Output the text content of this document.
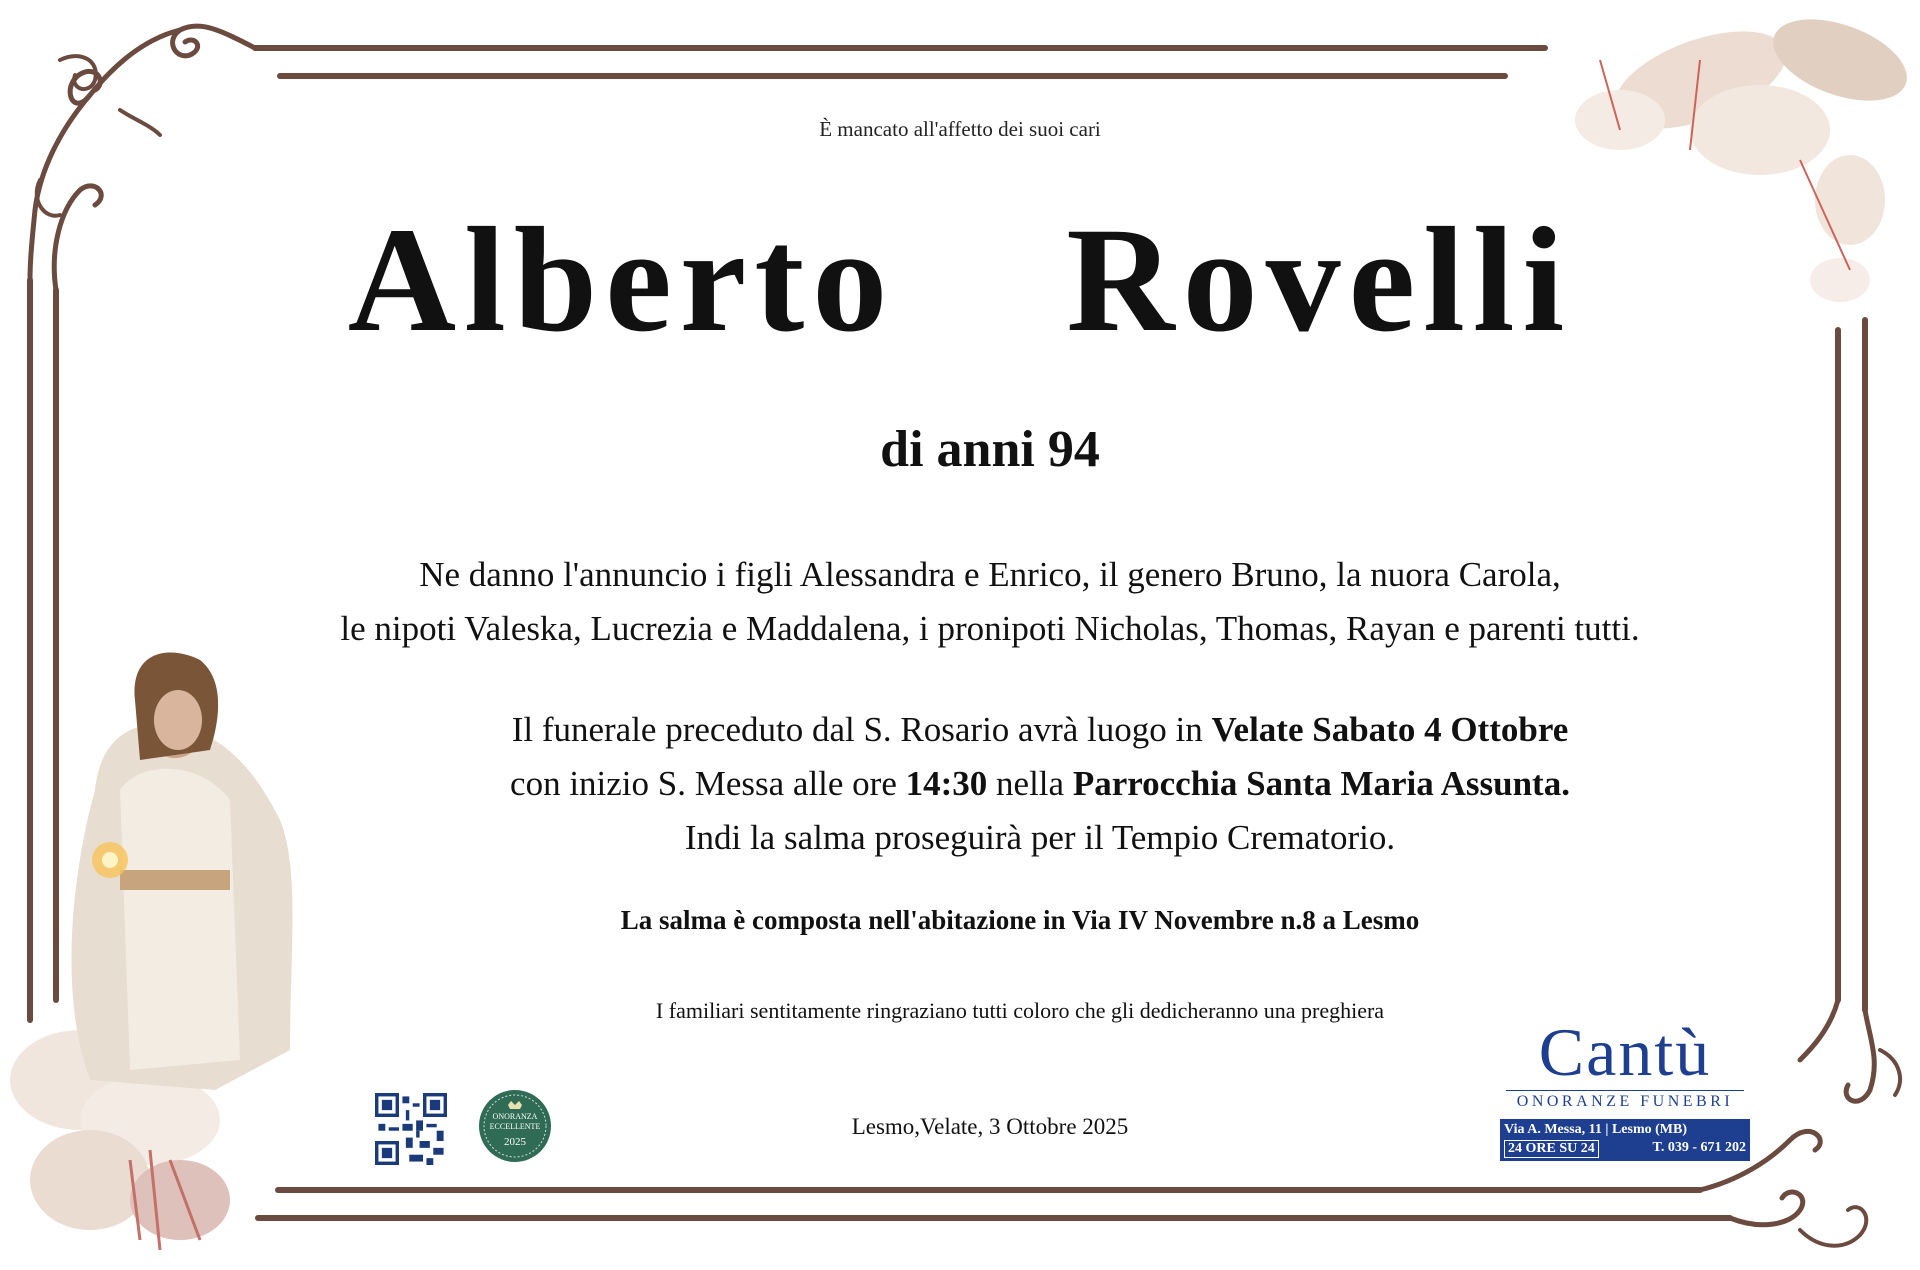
È mancato all'affetto dei suoi cari
Alberto  Rovelli
di anni 94
Ne danno l'annuncio i figli Alessandra e Enrico, il genero Bruno, la nuora Carola,
le nipoti Valeska, Lucrezia e Maddalena, i pronipoti Nicholas, Thomas, Rayan e parenti tutti.
Il funerale preceduto dal S. Rosario avrà luogo in Velate Sabato 4 Ottobre
con inizio S. Messa alle ore 14:30 nella Parrocchia Santa Maria Assunta.
Indi la salma proseguirà per il Tempio Crematorio.
La salma è composta nell'abitazione in Via IV Novembre n.8 a Lesmo
I familiari sentitamente ringraziano tutti coloro che gli dedicheranno una preghiera
Lesmo,Velate, 3 Ottobre 2025
ONORANZA ECCELLENTE
2025
Cantù
ONORANZE FUNEBRI
Via A. Messa, 11 | Lesmo (MB)
24 ORE SU 24	T. 039 - 671 202
